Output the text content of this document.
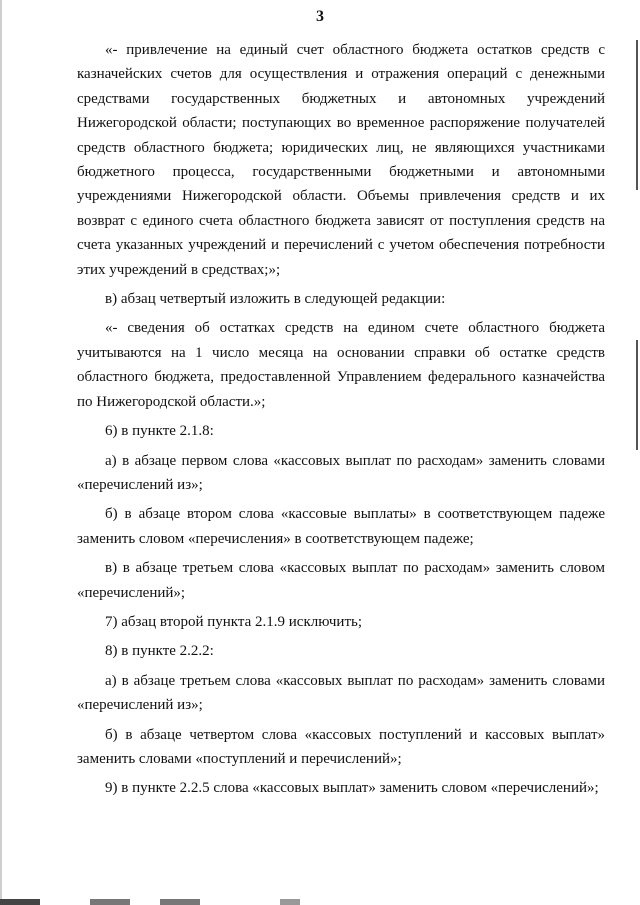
3

«- привлечение на единый счет областного бюджета остатков средств с казначейских счетов для осуществления и отражения операций с денежными средствами государственных бюджетных и автономных учреждений Нижегородской области; поступающих во временное распоряжение получателей средств областного бюджета; юридических лиц, не являющихся участниками бюджетного процесса, государственными бюджетными и автономными учреждениями Нижегородской области. Объемы привлечения средств и их возврат с единого счета областного бюджета зависят от поступления средств на счета указанных учреждений и перечислений с учетом обеспечения потребности этих учреждений в средствах;»;

в) абзац четвертый изложить в следующей редакции:

«- сведения об остатках средств на едином счете областного бюджета учитываются на 1 число месяца на основании справки об остатке средств областного бюджета, предоставленной Управлением федерального казначейства по Нижегородской области.»;

6) в пункте 2.1.8:

а) в абзаце первом слова «кассовых выплат по расходам» заменить словами «перечислений из»;

б) в абзаце втором слова «кассовые выплаты» в соответствующем падеже заменить словом «перечисления» в соответствующем падеже;

в) в абзаце третьем слова «кассовых выплат по расходам» заменить словом «перечислений»;

7) абзац второй пункта 2.1.9 исключить;

8) в пункте 2.2.2:

а) в абзаце третьем слова «кассовых выплат по расходам» заменить словами «перечислений из»;

б) в абзаце четвертом слова «кассовых поступлений и кассовых выплат» заменить словами «поступлений и перечислений»;

9) в пункте 2.2.5 слова «кассовых выплат» заменить словом «перечислений»;
